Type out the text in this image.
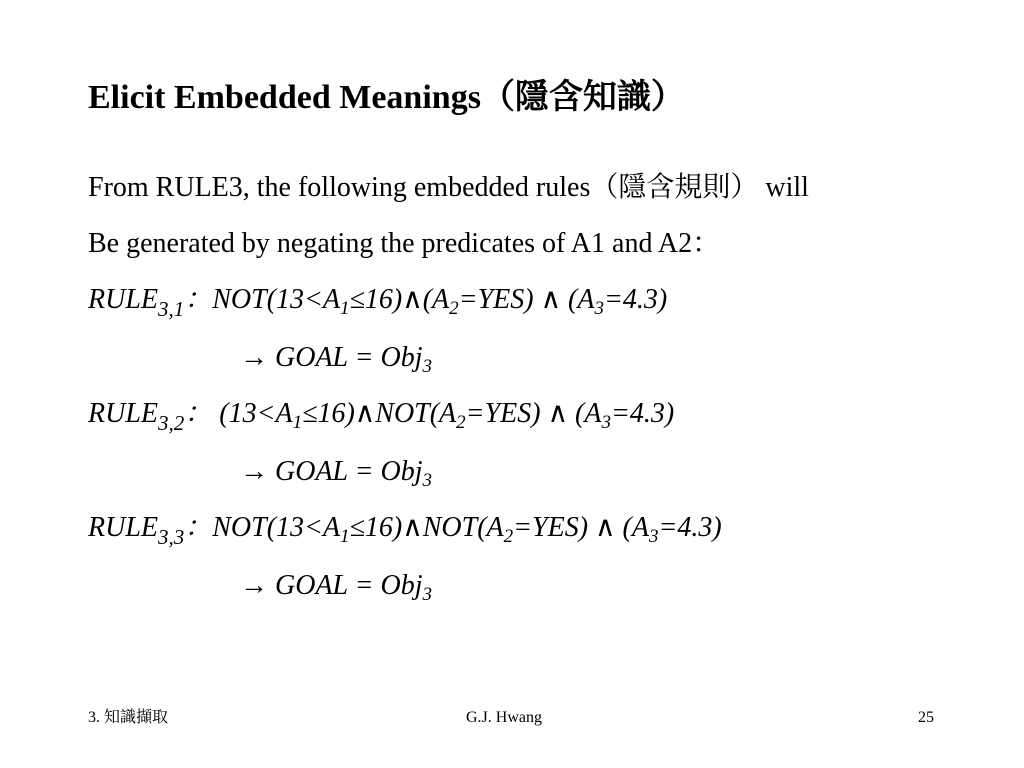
Elicit Embedded Meanings（隱含知識）
From RULE3, the following embedded rules（隱含規則） will
Be generated by negating the predicates of A1 and A2：
$RULE_{3,1}$：$NOT(13<A_1\le 16)\wedge(A_2=YES)$ ∧ $(A_3=4.3)$
→ GOAL = Obj$_3$
$RULE_{3,2}$： $(13<A_1\le 16)\wedge NOT(A_2=YES)$ ∧ $(A_3=4.3)$
→ GOAL = Obj$_3$
$RULE_{3,3}$：$NOT(13<A_1\le 16)\wedge NOT(A_2=YES)$ ∧ $(A_3=4.3)$
→ GOAL = Obj$_3$
3. 知識擷取	G.J. Hwang	25
